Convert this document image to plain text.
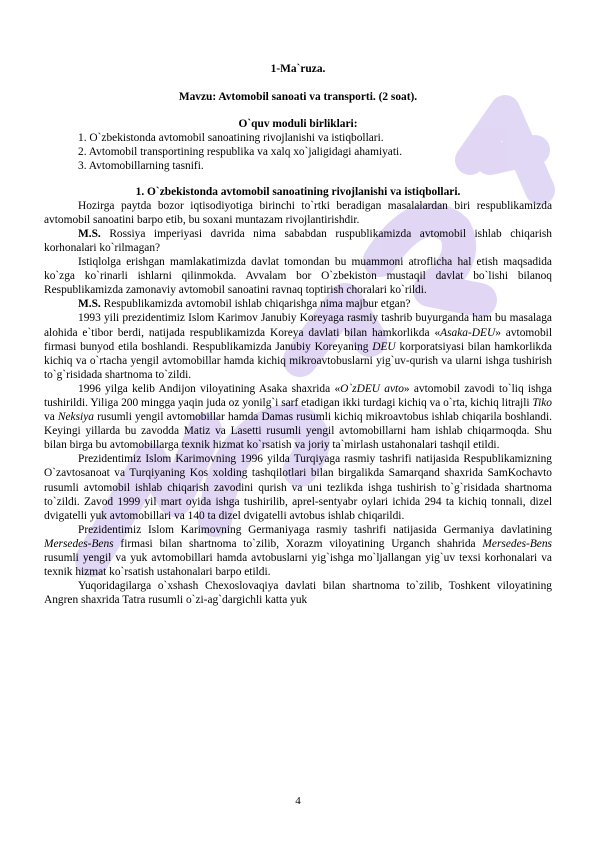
1-Ma`ruza.
Mavzu: Avtomobil sanoati va transporti. (2 soat).
O`quv moduli birliklari:
1. O`zbekistonda avtomobil sanoatining rivojlanishi va istiqbollari.
2. Avtomobil transportining respublika va xalq xo`jaligidagi ahamiyati.
3. Avtomobillarning tasnifi.
1. O`zbekistonda avtomobil sanoatining rivojlanishi va istiqbollari.

Hozirga paytda bozor iqtisodiyotiga birinchi to`rtki beradigan masalalardan biri respublikamizda avtomobil sanoatini barpo etib, bu soxani muntazam rivojlantirishdir.

M.S. Rossiya imperiyasi davrida nima sababdan ruspublikamizda avtomobil ishlab chiqarish korhonalari ko`rilmagan?

Istiqlolga erishgan mamlakatimizda davlat tomondan bu muammoni atroflicha hal etish maqsadida ko`zga ko`rinarli ishlarni qilinmokda. Avvalam bor O`zbekiston mustaqil davlat bo`lishi bilanoq Respublikamizda zamonaviy avtomobil sanoatini ravnaq toptirish choralari ko`rildi.

M.S. Respublikamizda avtomobil ishlab chiqarishga nima majbur etgan?

1993 yili prezidentimiz Islom Karimov Janubiy Koreyaga rasmiy tashrib buyurganda ham bu masalaga alohida e`tibor berdi, natijada respublikamizda Koreya davlati bilan hamkorlikda «Asaka-DEU» avtomobil firmasi bunyod etila boshlandi. Respublikamizda Janubiy Koreyaning DEU korporatsiyasi bilan hamkorlikda kichiq va o`rtacha yengil avtomobillar hamda kichiq mikroavtobuslarni yig`uv-qurish va ularni ishga tushirish to`g`risidada shartnoma to`zildi.

1996 yilga kelib Andijon viloyatining Asaka shaxrida «O`zDEU avto» avtomobil zavodi to`liq ishga tushirildi. Yiliga 200 mingga yaqin juda oz yonilg`i sarf etadigan ikki turdagi kichiq va o`rta, kichiq litrajli Tiko va Neksiya rusumli yengil avtomobillar hamda Damas rusumli kichiq mikroavtobus ishlab chiqarila boshlandi. Keyingi yillarda bu zavodda Matiz va Lasetti rusumli yengil avtomobillarni ham ishlab chiqarmoqda. Shu bilan birga bu avtomobillarga texnik hizmat ko`rsatish va joriy ta`mirlash ustahonalari tashqil etildi.

Prezidentimiz Islom Karimovning 1996 yilda Turqiyaga rasmiy tashrifi natijasida Respublikamizning O`zavtosanoat va Turqiyaning Kos xolding tashqilotlari bilan birgalikda Samarqand shaxrida SamKochavto rusumli avtomobil ishlab chiqarish zavodini qurish va uni tezlikda ishga tushirish to`g`risidada shartnoma to`zildi. Zavod 1999 yil mart oyida ishga tushirilib, aprel-sentyabr oylari ichida 294 ta kichiq tonnali, dizel dvigatelli yuk avtomobillari va 140 ta dizel dvigatelli avtobus ishlab chiqarildi.

Prezidentimiz Islom Karimovning Germaniyaga rasmiy tashrifi natijasida Germaniya davlatining Mersedes-Bens firmasi bilan shartnoma to`zilib, Xorazm viloyatining Urganch shahrida Mersedes-Bens rusumli yengil va yuk avtomobillari hamda avtobuslarni yig`ishga mo`ljallangan yig`uv texsi korhonalari va texnik hizmat ko`rsatish ustahonalari barpo etildi.

Yuqoridagilarga o`xshash Chexoslovaqiya davlati bilan shartnoma to`zilib, Toshkent viloyatining Angren shaxrida Tatra rusumli o`zi-ag`dargichli katta yuk

4
